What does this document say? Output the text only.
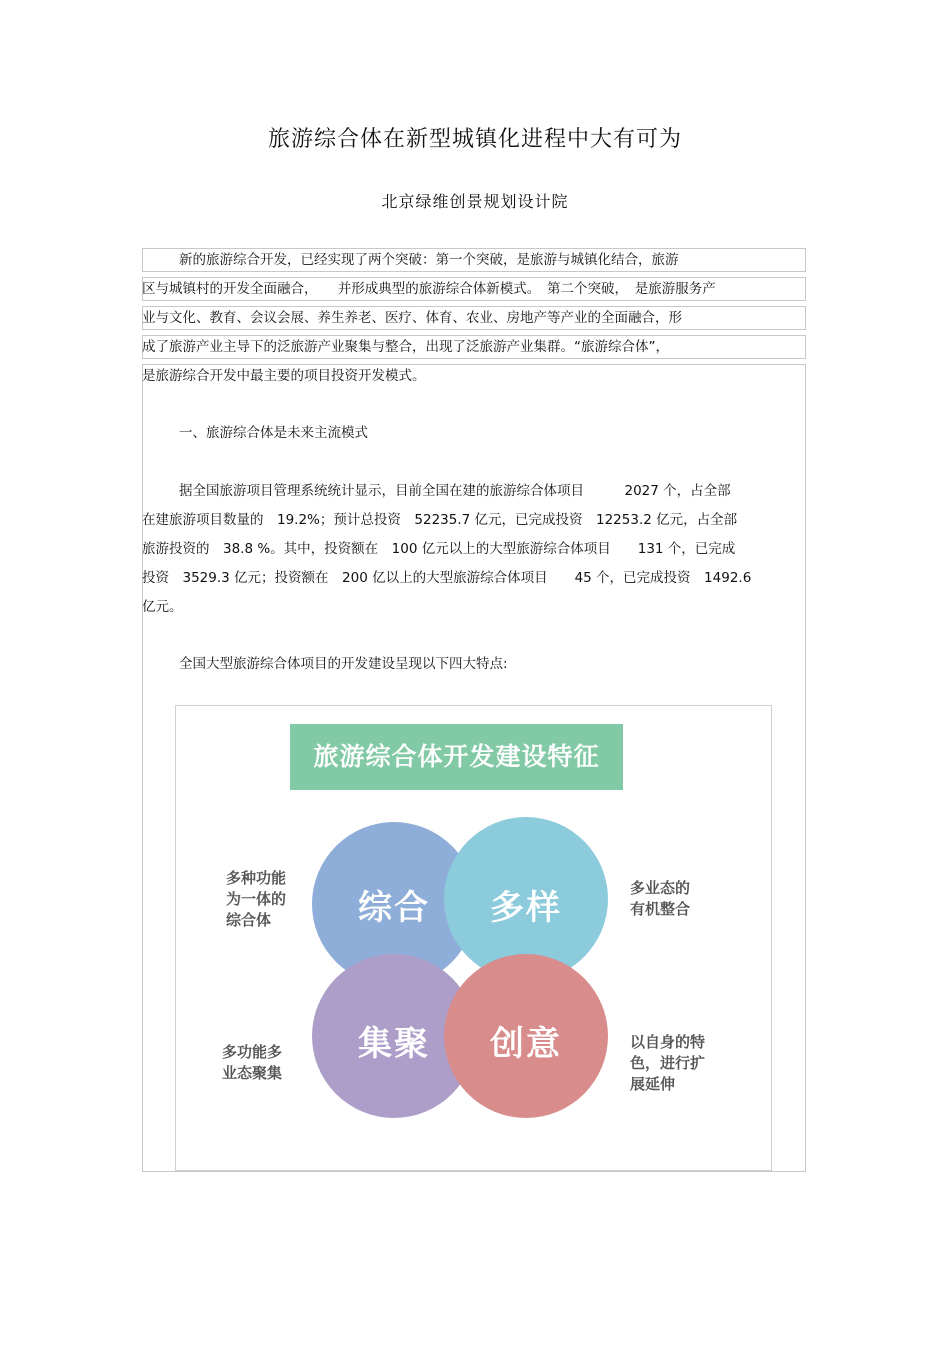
旅游综合体在新型城镇化进程中大有可为
北京绿维创景规划设计院
新的旅游综合开发，已经实现了两个突破：第一个突破，是旅游与城镇化结合，旅游
区与城镇村的开发全面融合，　　并形成典型的旅游综合体新模式。　第二个突破，　是旅游服务产
业与文化、教育、会议会展、养生养老、医疗、体育、农业、房地产等产业的全面融合，形
成了旅游产业主导下的泛旅游产业聚集与整合，出现了泛旅游产业集群。“旅游综合体”，
是旅游综合开发中最主要的项目投资开发模式。
一、旅游综合体是未来主流模式
据全国旅游项目管理系统统计显示，目前全国在建的旅游综合体项目　　　2027 个，占全部
在建旅游项目数量的　19.2%；预计总投资　52235.7 亿元，已完成投资　12253.2 亿元，占全部
旅游投资的　38.8 %。其中，投资额在　100 亿元以上的大型旅游综合体项目　　131 个，已完成
投资　3529.3 亿元；投资额在　200 亿以上的大型旅游综合体项目　　45 个，已完成投资　1492.6
亿元。
全国大型旅游综合体项目的开发建设呈现以下四大特点:
旅游综合体开发建设特征
综合	多样
集聚	创意
多种功能
为一体的
综合体
多业态的
有机整合
多功能多
业态聚集
以自身的特
色，进行扩
展延伸
